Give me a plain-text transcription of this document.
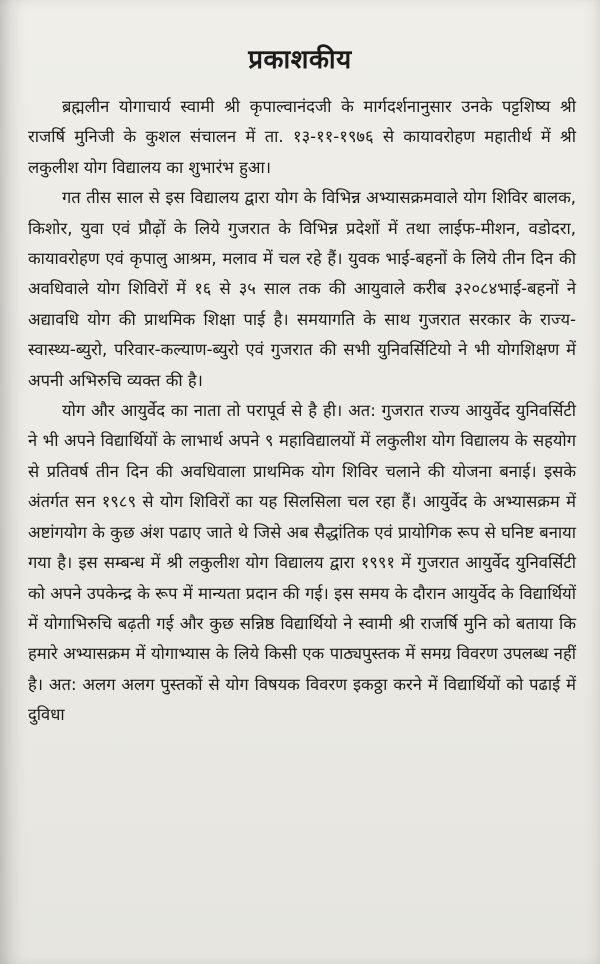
प्रकाशकीय

ब्रह्मलीन योगाचार्य स्वामी श्री कृपाल्वानंदजी के मार्गदर्शनानुसार उनके पट्टशिष्य श्री राजर्षि मुनिजी के कुशल संचालन में ता. १३-११-१९७६ से कायावरोहण महातीर्थ में श्री लकुलीश योग विद्यालय का शुभारंभ हुआ।

गत तीस साल से इस विद्यालय द्वारा योग के विभिन्न अभ्यासक्रमवाले योग शिविर बालक, किशोर, युवा एवं प्रौढ़ों के लिये गुजरात के विभिन्न प्रदेशों में तथा लाईफ-मीशन, वडोदरा, कायावरोहण एवं कृपालु आश्रम, मलाव में चल रहे हैं। युवक भाई-बहनों के लिये तीन दिन की अवधिवाले योग शिविरों में १६ से ३५ साल तक की आयुवाले करीब ३२०८४भाई-बहनों ने अद्यावधि योग की प्राथमिक शिक्षा पाई है। समयागति के साथ गुजरात सरकार के राज्य-स्वास्थ्य-ब्युरो, परिवार-कल्याण-ब्युरो एवं गुजरात की सभी युनिवर्सिटियो ने भी योगशिक्षण में अपनी अभिरुचि व्यक्त की है।

योग और आयुर्वेद का नाता तो परापूर्व से है ही। अत: गुजरात राज्य आयुर्वेद युनिवर्सिटी ने भी अपने विद्यार्थियों के लाभार्थ अपने ९ महाविद्यालयों में लकुलीश योग विद्यालय के सहयोग से प्रतिवर्ष तीन दिन की अवधिवाला प्राथमिक योग शिविर चलाने की योजना बनाई। इसके अंतर्गत सन १९८९ से योग शिविरों का यह सिलसिला चल रहा हैं। आयुर्वेद के अभ्यासक्रम में अष्टांगयोग के कुछ अंश पढाए जाते थे जिसे अब सैद्धांतिक एवं प्रायोगिक रूप से घनिष्ट बनाया गया है। इस सम्बन्ध में श्री लकुलीश योग विद्यालय द्वारा १९९१ में गुजरात आयुर्वेद युनिवर्सिटी को अपने उपकेन्द्र के रूप में मान्यता प्रदान की गई। इस समय के दौरान आयुर्वेद के विद्यार्थियों में योगाभिरुचि बढ़ती गई और कुछ सन्निष्ठ विद्यार्थियो ने स्वामी श्री राजर्षि मुनि को बताया कि हमारे अभ्यासक्रम में योगाभ्यास के लिये किसी एक पाठ्यपुस्तक में समग्र विवरण उपलब्ध नहीं है। अत: अलग अलग पुस्तकों से योग विषयक विवरण इकठ्ठा करने में विद्यार्थियों को पढाई में दुविधा
